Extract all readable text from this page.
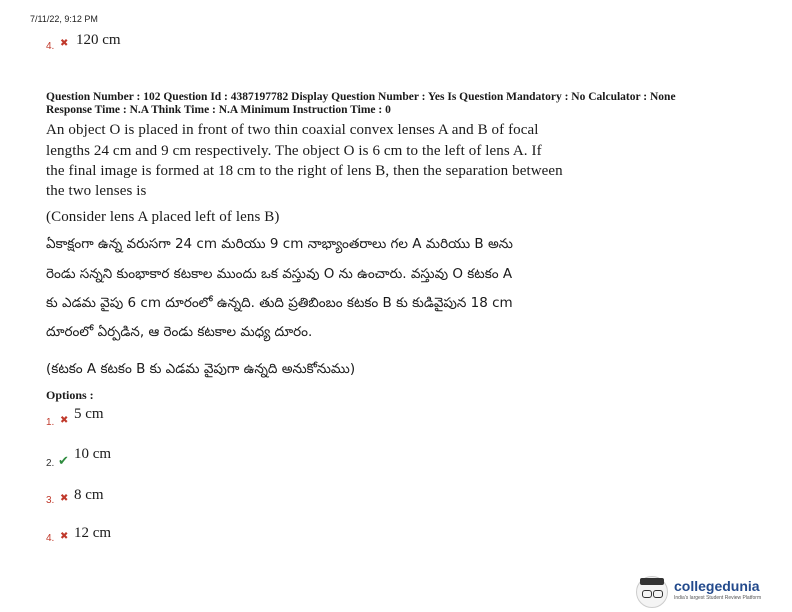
7/11/22, 9:12 PM
4. ✖ 120 cm
Question Number : 102 Question Id : 4387197782 Display Question Number : Yes Is Question Mandatory : No Calculator : None
Response Time : N.A Think Time : N.A Minimum Instruction Time : 0
An object O is placed in front of two thin coaxial convex lenses A and B of focal
lengths 24 cm and 9 cm respectively. The object O is 6 cm to the left of lens A. If
the final image is formed at 18 cm to the right of lens B, then the separation between
the two lenses is
(Consider lens A placed left of lens B)
ఏకాక్షంగా ఉన్న వరుసగా 24 cm మరియు 9 cm నాభ్యాంతరాలు గల A మరియు B అను
రెండు సన్నని కుంభాకార కటకాల ముందు ఒక వస్తువు O ను ఉంచారు. వస్తువు O కటకం A
కు ఎడమ వైపు 6 cm దూరంలో ఉన్నది. తుది ప్రతిబింబం కటకం B కు కుడివైపున 18 cm
దూరంలో ఏర్పడిన, ఆ రెండు కటకాల మధ్య దూరం.
(కటకం A కటకం B కు ఎడమ వైపుగా ఉన్నది అనుకోనుము)
Options :
1. ✖ 5 cm
2. ✔ 10 cm
3. ✖ 8 cm
4. ✖ 12 cm
collegedunia
India's largest Student Review Platform
